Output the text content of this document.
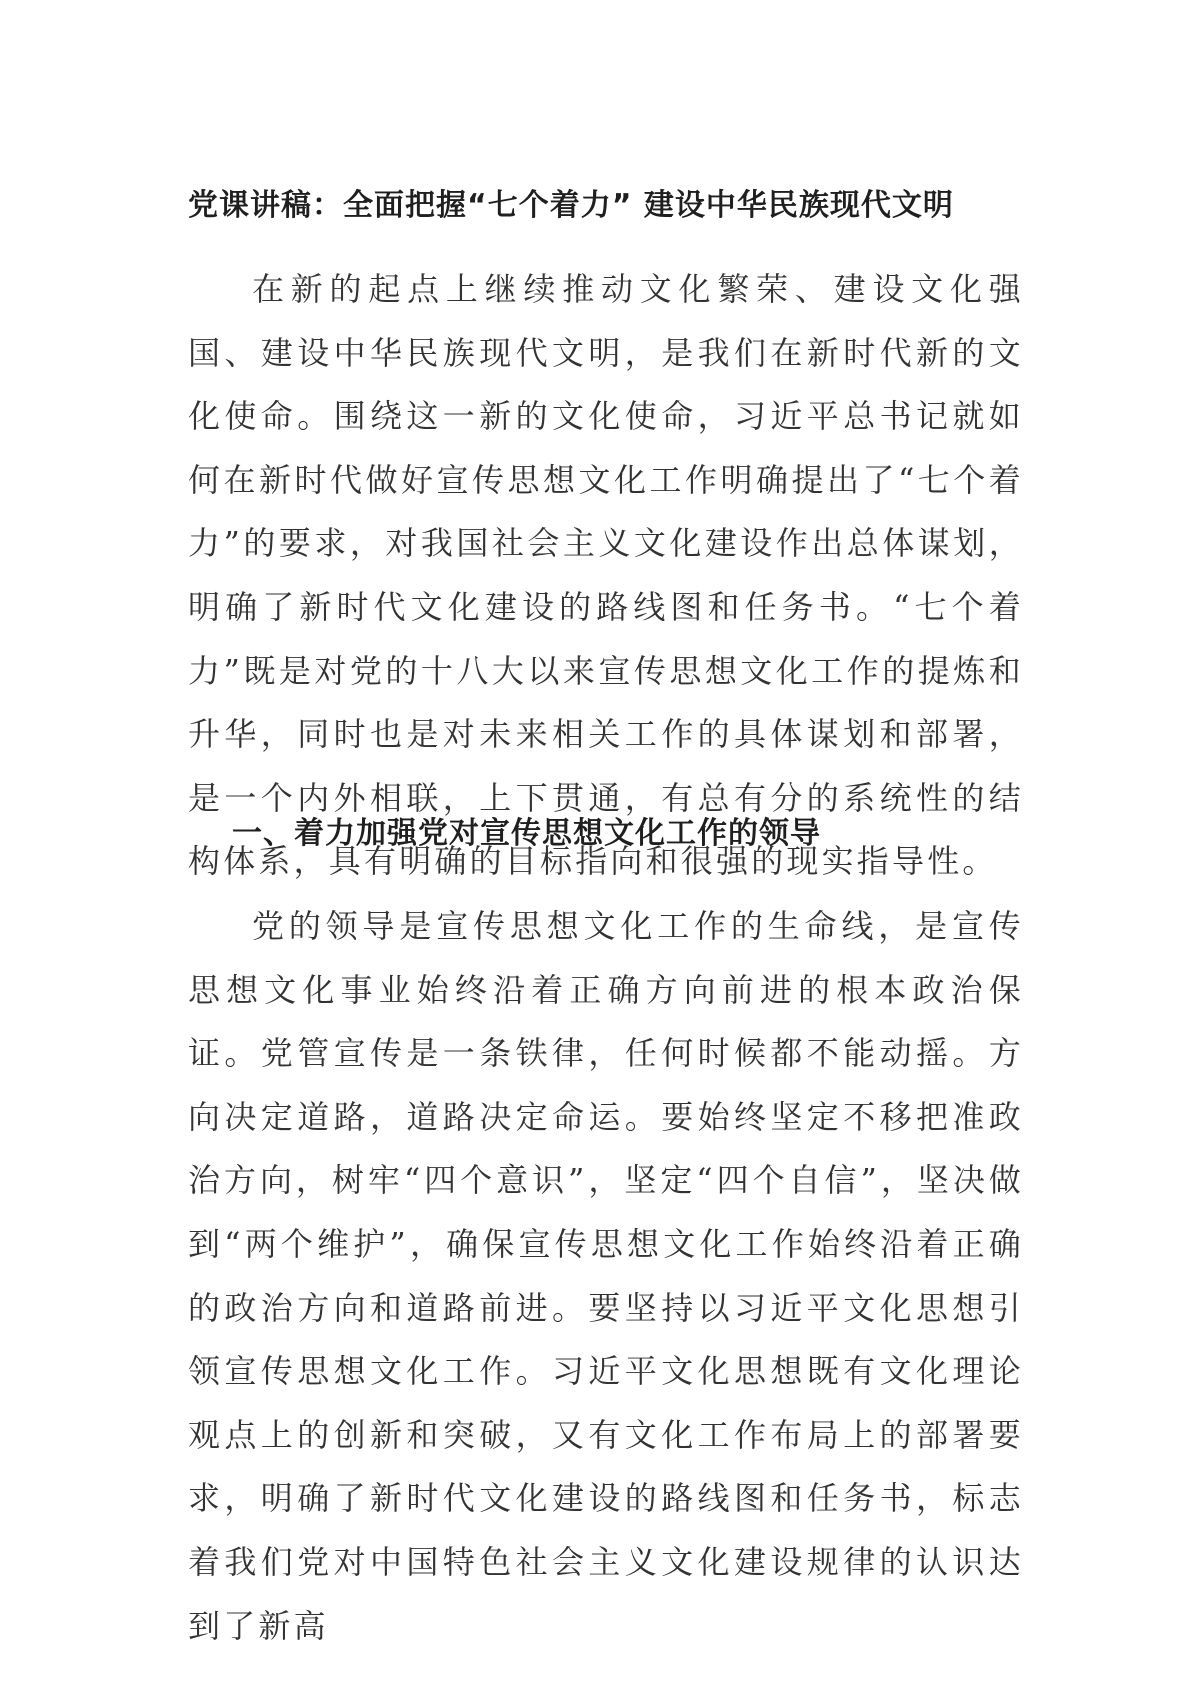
党课讲稿：全面把握“七个着力” 建设中华民族现代文明

在新的起点上继续推动文化繁荣、建设文化强国、建设中华民族现代文明，是我们在新时代新的文化使命。围绕这一新的文化使命，习近平总书记就如何在新时代做好宣传思想文化工作明确提出了“七个着力”的要求，对我国社会主义文化建设作出总体谋划，明确了新时代文化建设的路线图和任务书。“七个着力”既是对党的十八大以来宣传思想文化工作的提炼和升华，同时也是对未来相关工作的具体谋划和部署，是一个内外相联，上下贯通，有总有分的系统性的结构体系，具有明确的目标指向和很强的现实指导性。

一、着力加强党对宣传思想文化工作的领导

党的领导是宣传思想文化工作的生命线，是宣传思想文化事业始终沿着正确方向前进的根本政治保证。党管宣传是一条铁律，任何时候都不能动摇。方向决定道路，道路决定命运。要始终坚定不移把准政治方向，树牢“四个意识”，坚定“四个自信”，坚决做到“两个维护”，确保宣传思想文化工作始终沿着正确的政治方向和道路前进。要坚持以习近平文化思想引领宣传思想文化工作。习近平文化思想既有文化理论观点上的创新和突破，又有文化工作布局上的部署要求，明确了新时代文化建设的路线图和任务书，标志着我们党对中国特色社会主义文化建设规律的认识达到了新高
